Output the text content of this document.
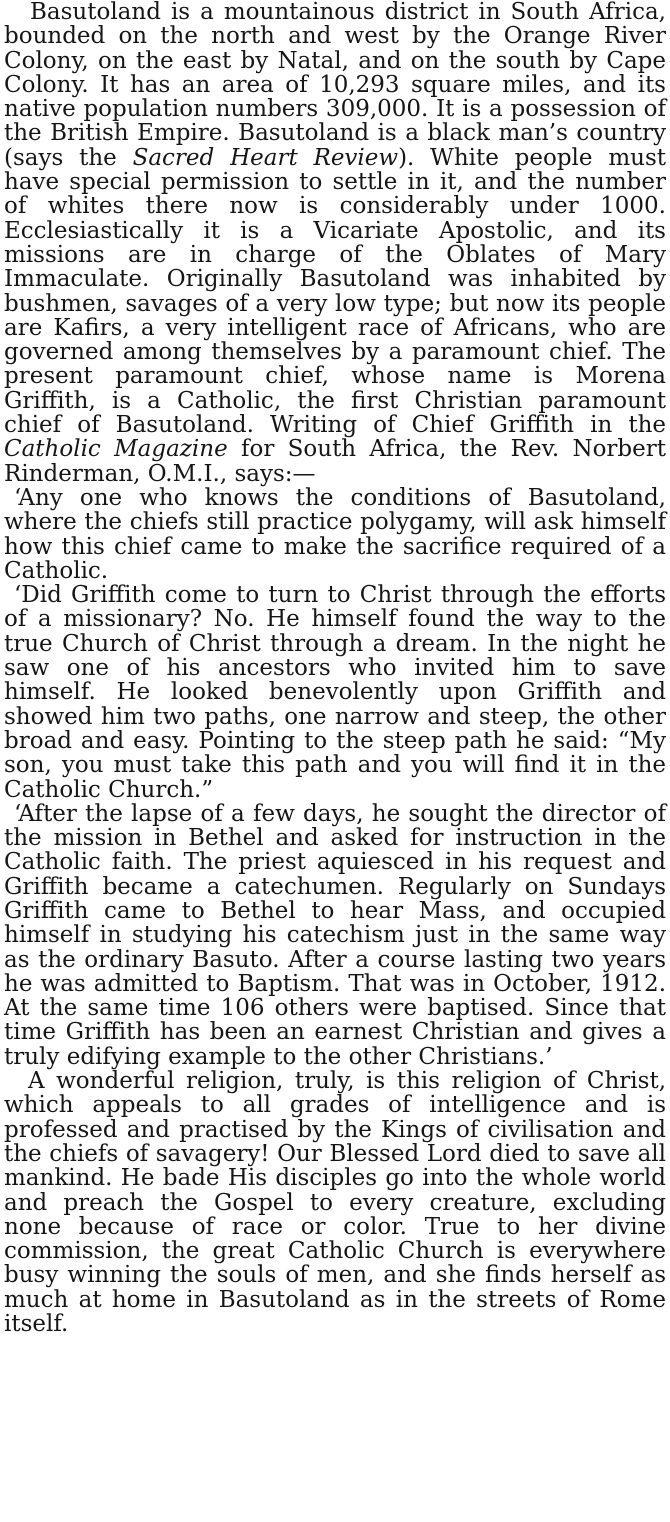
Basutoland is a mountainous district in South Africa, bounded on the north and west by the Orange River Colony, on the east by Natal, and on the south by Cape Colony. It has an area of 10,293 square miles, and its native population numbers 309,000. It is a possession of the British Empire. Basutoland is a black man’s country (says the Sacred Heart Review). White people must have special permission to settle in it, and the number of whites there now is considerably under 1000. Ecclesiastically it is a Vicariate Apostolic, and its missions are in charge of the Oblates of Mary Immaculate. Originally Basutoland was inhabited by bushmen, savages of a very low type; but now its people are Kafirs, a very intelligent race of Africans, who are governed among themselves by a paramount chief. The present paramount chief, whose name is Morena Griffith, is a Catholic, the first Christian paramount chief of Basutoland. Writing of Chief Griffith in the Catholic Magazine for South Africa, the Rev. Norbert Rinderman, O.M.I., says:—

‘Any one who knows the conditions of Basutoland, where the chiefs still practice polygamy, will ask himself how this chief came to make the sacrifice required of a Catholic.

‘Did Griffith come to turn to Christ through the efforts of a missionary? No. He himself found the way to the true Church of Christ through a dream. In the night he saw one of his ancestors who invited him to save himself. He looked benevolently upon Griffith and showed him two paths, one narrow and steep, the other broad and easy. Pointing to the steep path he said: “My son, you must take this path and you will find it in the Catholic Church.”

‘After the lapse of a few days, he sought the director of the mission in Bethel and asked for instruction in the Catholic faith. The priest aquiesced in his request and Griffith became a catechumen. Regularly on Sundays Griffith came to Bethel to hear Mass, and occupied himself in studying his catechism just in the same way as the ordinary Basuto. After a course lasting two years he was admitted to Baptism. That was in October, 1912. At the same time 106 others were baptised. Since that time Griffith has been an earnest Christian and gives a truly edifying example to the other Christians.’

A wonderful religion, truly, is this religion of Christ, which appeals to all grades of intelligence and is professed and practised by the Kings of civilisation and the chiefs of savagery! Our Blessed Lord died to save all mankind. He bade His disciples go into the whole world and preach the Gospel to every creature, excluding none because of race or color. True to her divine commission, the great Catholic Church is everywhere busy winning the souls of men, and she finds herself as much at home in Basutoland as in the streets of Rome itself.
